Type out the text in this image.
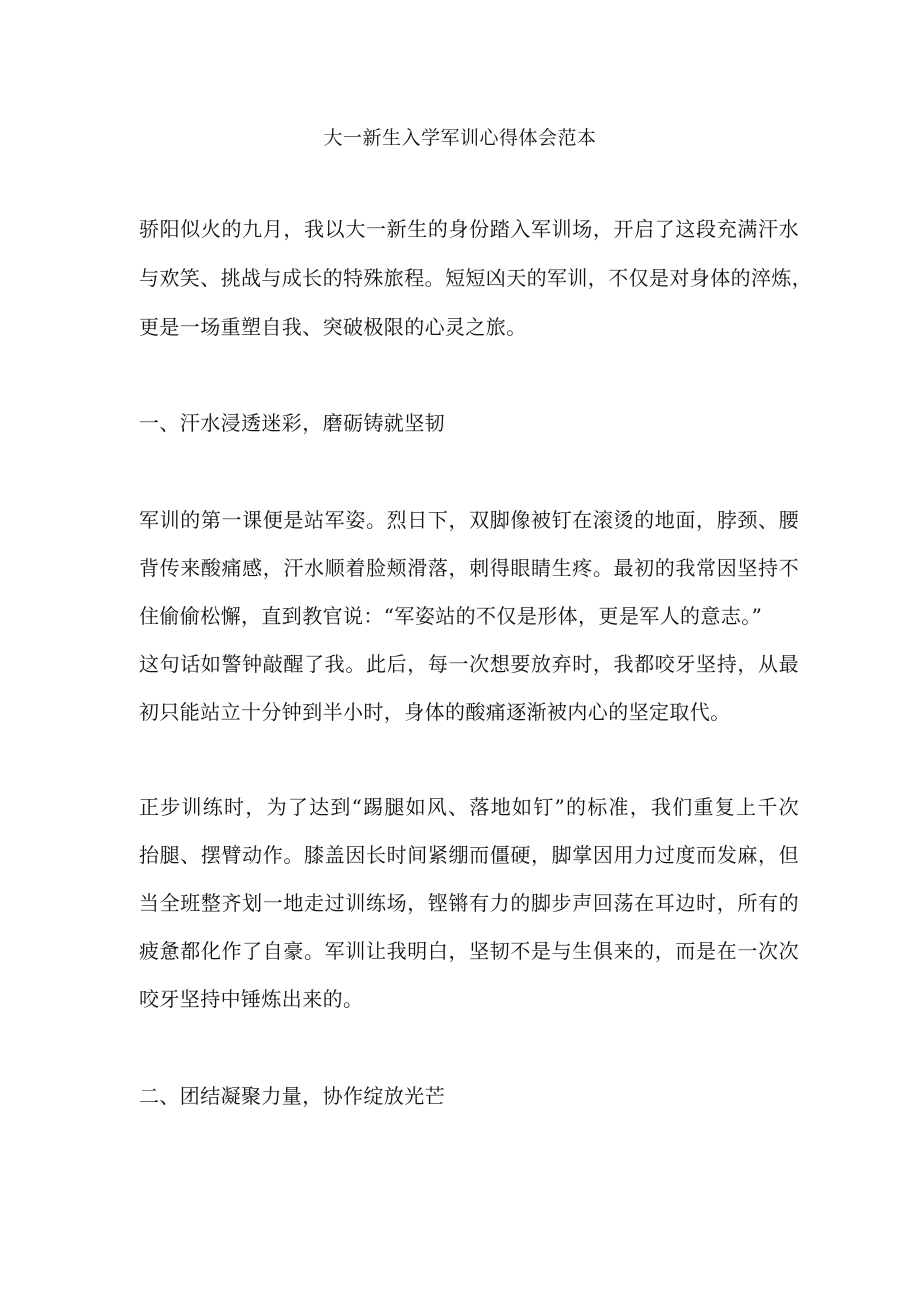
大一新生入学军训心得体会范本
骄阳似火的九月，我以大一新生的身份踏入军训场，开启了这段充满汗水
与欢笑、挑战与成长的特殊旅程。短短凶天的军训，不仅是对身体的淬炼，
更是一场重塑自我、突破极限的心灵之旅。
一、汗水浸透迷彩，磨砺铸就坚韧
军训的第一课便是站军姿。烈日下，双脚像被钉在滚烫的地面，脖颈、腰
背传来酸痛感，汗水顺着脸颊滑落，刺得眼睛生疼。最初的我常因坚持不
住偷偷松懈，直到教官说：“军姿站的不仅是形体，更是军人的意志。”
这句话如警钟敲醒了我。此后，每一次想要放弃时，我都咬牙坚持，从最
初只能站立十分钟到半小时，身体的酸痛逐渐被内心的坚定取代。
正步训练时，为了达到“踢腿如风、落地如钉”的标准，我们重复上千次
抬腿、摆臂动作。膝盖因长时间紧绷而僵硬，脚掌因用力过度而发麻，但
当全班整齐划一地走过训练场，铿锵有力的脚步声回荡在耳边时，所有的
疲惫都化作了自豪。军训让我明白，坚韧不是与生俱来的，而是在一次次
咬牙坚持中锤炼出来的。
二、团结凝聚力量，协作绽放光芒
